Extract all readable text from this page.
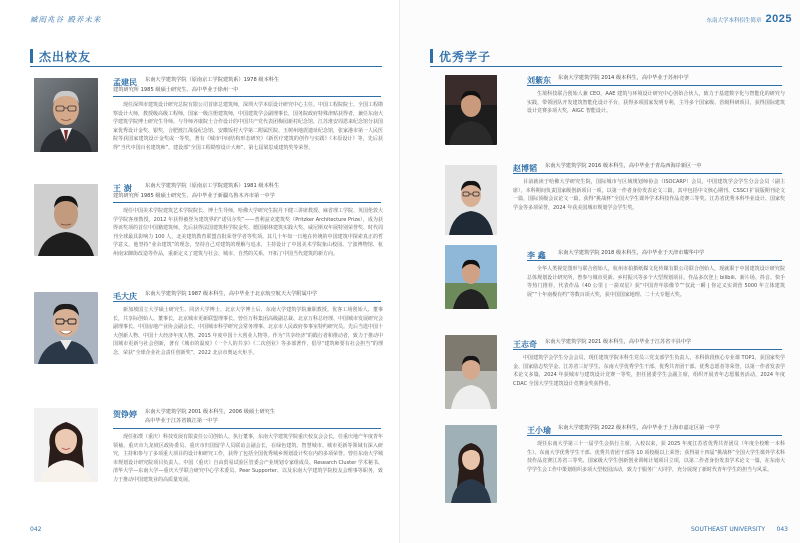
臧闳兆谷 殿养未来
杰出校友
孟建民 东南大学建筑学院（原南京工学院建筑系）1978 级本科生
建筑研究所 1985 级硕士研究生、高中毕业于徐州一中
现任深圳市建筑设计研究总院有限公司首席总建筑师，深圳大学本原设计研究中心主任。中国工程院院士、全国工程勘察设计大师，教授级高级工程师，国家一级注册建筑师，中国建筑学会副理事长，国务院政府特殊津贴获得者，兼任东南大学建筑学院博士研究生导师。与导师齐康院士合作设计的中国共产党代表团梅园新村纪念馆、江苏淮安周恩来纪念馆分获国家优秀设计金奖、银奖，合肥渡江战役纪念馆、安徽饭村大学第二附属医院、玉树州地震遗址纪念馆，张家港市第一人民医院等获国家建筑设计金奖或一等奖。著有《城市中间结构形态研究》《新医疗建筑的创作与实践》《本原设计》等，先后获得“当代中国百名建筑师”、建设部“全国工程勘察设计大师”、第七届梁思成建筑奖等荣誉。
王 澍	东南大学建筑学院（原南京工学院建筑系）1981 级本科生
建筑研究所 1985 级硕士研究生、高中毕业于新疆乌鲁木齐市第一中学
现任中国美术学院建筑艺术学院院长、博士生导师，哈佛大学研究生院丹下健三讲席教授、麻省理工学院、英国伦敦大学学院客座教授。2012 年获得被誉为建筑界的“诺贝尔奖”——普利兹克建筑奖（Pritzker Architecture Prize），成为获得该奖项的首位中国籍建筑师。先后获得法国建筑科学院金奖、德国谢林建筑实践大奖、威尼斯双年展特别荣誉奖、时代周刊全球最具影响力 100 人，北美建筑教育联盟首批荣誉学者等奖项。其几十年如一日地在传统的中国建筑中探索真正的哲学意义，他坚持“业余建筑”的理念，坚持自己对建筑的理解与追求，主持设计了中国美术学院象山校园、宁波博物馆、杭州南宋御街改造等作品，重新定义了建筑与社会、城市、自然的关系，开拓了中国当代建筑的新方向。
毛大庆 东南大学建筑学院 1987 级本科生，高中毕业于北京航空航天大学附属中学
新加坡国立大学硕士研究生、同济大学博士、北京大学博士后、东南大学建筑学院兼职教授。优客工场创始人、董事长，共享际创始人、董事长，北京城市更新联盟理事长。曾任万科集团高级副总裁、北京万科总经理、中国城市发展研究会副理事长、中国房地产业协会副会长、中国城市科学研究会常务理事、北京市人民政府参事室特约研究员。先后当选中国十大创新人物、中国十大经济年度人物、2015 年度中国十大创业人物等。作为“共享经济”的践行者和推动者，致力于推动中国城市更新与社会创新，著有《城市的温度》《一个人的共享》《二次创业》等多部著作，倡导“建筑师要有社会担当”的理念，荣获“全球企业社会责任创新奖”、2022 北京市奥运火炬手。
贺铮婷 东南大学建筑学院 2001 级本科生，2006 级硕士研究生
高中毕业于江苏省镇江第一中学
现任拓璞（重庆）科技发展有限责任公司创始人、执行董事，东南大学建筑学院重庆校友会会长，任重庆地产年度青年领袖、重庆市九龙坡区政协委员、重庆市归国留学人员联谊会副会长，在绿色建筑、智慧城市、城市更新等领域有深入研究，主持和参与了多项重大项目的设计和研究工作，获得了包括全国优秀城乡规划设计奖在内的多项荣誉。曾任东南大学城市规划设计研究院项目负责人、中国（重庆）自由贸易试验区管委会产业规划专家组成员、Research Cluster 学术秘书、清华大学—东南大学—重庆大学联合研究中心学术委员、Peer Supporter、以及东南大学建筑学院校友会理事等职务，致力于推动中国建筑业的高质量发展。
042
东南大学本科招生简章 2025
优秀学子
刘紫东 东南大学建筑学院 2014 级本科生，高中毕业于苏州中学
生境科技联合创始人兼 CEO，AAE 建筑与环境设计研究中心创始合伙人，致力于基建数字化与智能化的研究与实践，带领团队开发建筑智能化设计平台，获得多项国家发明专利，主导多个国家级、省级科研项目，获得国际建筑设计竞赛多项大奖，AIGC 智能设计。
赵博韬 东南大学建筑学院 2016 级本科生，高中毕业于青岛西海岸新区一中
目前就读于哈佛大学研究生院，国际城市与区域规划师协会（ISOCARP）会员，中国建筑学会学生分会会员（副主席），本科期间负责国家级创新项目一项，以第一作者身份发表论文三篇，其中包括中文核心期刊、CSSCI 扩展版期刊论文一篇，国际顶级会议论文一篇，获得“挑战杯”全国大学生课外学术科技作品竞赛三等奖、江苏省优秀本科毕业设计、国家奖学金等多项荣誉，2024 年获美国城市规划学会学生奖。
李 鑫 东南大学建筑学院 2018 级本科生，高中毕业于天津市耀华中学
全华人类视觉图形与联合创始人，杭州市拍摄纸媒文化传媒有限公司联合创始人，现就职于中国建筑设计研究院总体规划设计研究所，曾参与城市更新、乡村振兴等多个大型规划项目。作品多次登上 bilibili、新片场、抖音、快手等热门推荐，代表作品《40 公里 | 一箭双星》获“中国青年影像节”“仅此一瞬 | 你定义实训营 5000 年立体建筑展”“十年南极有约”等数百项大奖，获中国国家地理、二十大专题大奖。
王志奇 东南大学建筑学院 2021 级本科生，高中毕业于江苏省丰县中学
中国建筑学会学生分会会员，现任建筑学院本科生党员三党支部学生负责人，本科阶段核心专业课 TOP1，获国家奖学金、国家励志奖学金、江苏省三好学生、东南大学优秀学生干部、优秀共青团干部、优秀志愿者等荣誉，以第一作者发表学术论文多篇，2024 年获城市与建筑设计竞赛一等奖，担任团委学生会副主席，组织开展青年志愿服务活动，2024 年度 CDAC 全国大学生建筑设计竞赛金奖获得者。
王小瑜 东南大学建筑学院 2022 级本科生，高中毕业于上海市嘉定区第一中学
现任东南大学第三十一届学生会执行主席，入校以来，获 2025 年度江苏省优秀共青团员（年度全校唯一本科生）、东南大学优秀学生干部、优秀共青团干部等 10 项校级以上荣誉；获得第十四届“挑战杯”全国大学生课外学术科技作品竞赛江苏省三等奖、国家级大学生创新创业训练计划项目立项，以第二作者身份发表学术论文一篇，在东南大学学生会工作中策划组织多项大型校园活动，致力于服务广大同学，充分展现了新时代青年学生的担当与风采。
SOUTHEAST UNIVERSITY 043
